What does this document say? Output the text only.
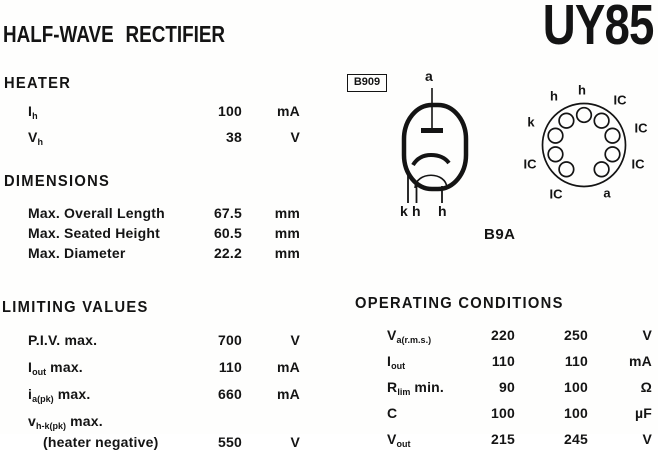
HALF-WAVE RECTIFIER	UY85
HEATER
$I_h$	100	mA
$V_h$	38	V
DIMENSIONS
Max. Overall Length	67.5	mm
Max. Seated Height	60.5	mm
Max. Diameter	22.2	mm
LIMITING VALUES
P.I.V. max.	700	V
$I_{out}$ max.	110	mA
$i_{a(pk)}$ max.	660	mA
$v_{h-k(pk)}$ max.
(heater negative)	550	V
B909	a
k h h
h
h
k
IC
IC	a
IC
IC
IC
B9A
OPERATING CONDITIONS
$V_{a(r.m.s.)}$	220	250	V
$I_{out}$	110	110	mA
$R_{lim}$ min.	90	100	Ω
C	100	100	µF
$V_{out}$	215	245	V
